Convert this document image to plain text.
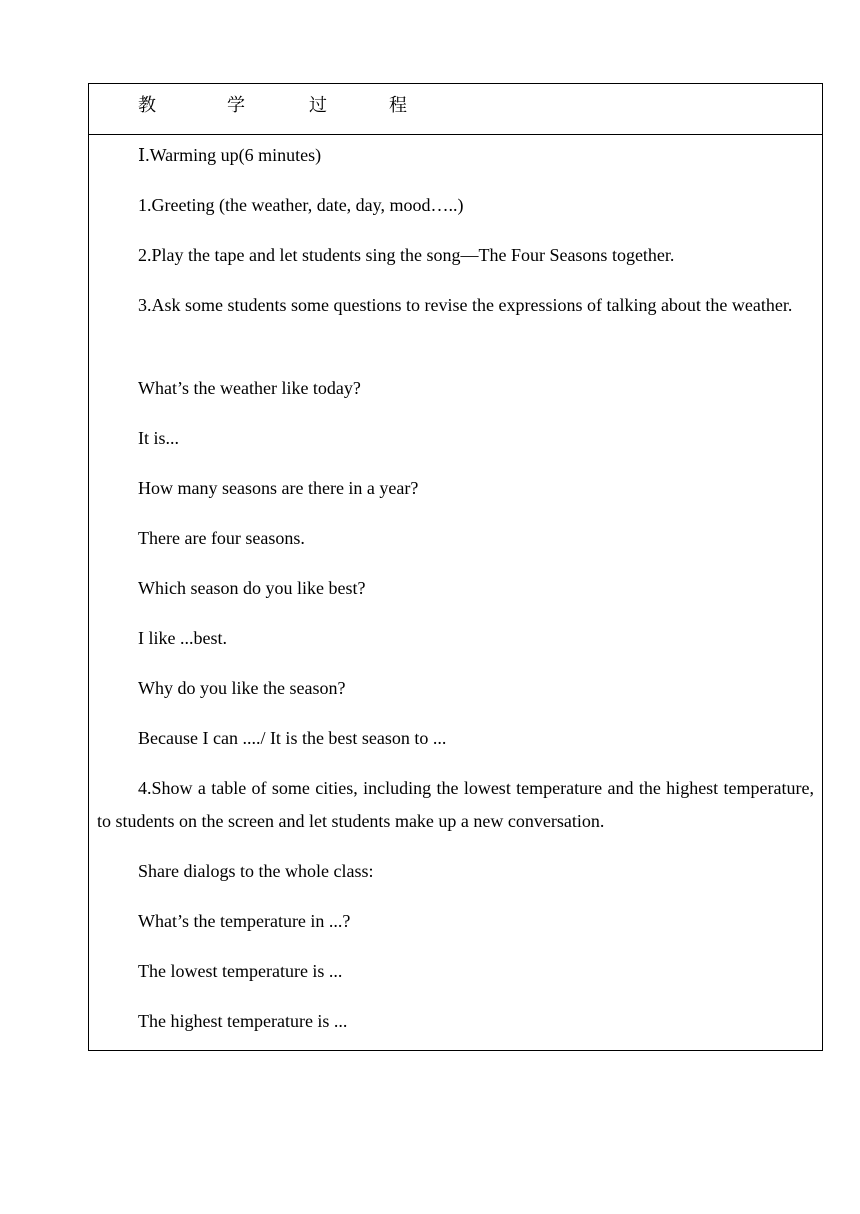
教	学	过	程

Ⅰ.Warming up(6 minutes)

1.Greeting (the weather, date, day, mood…..)

2.Play the tape and let students sing the song—The Four Seasons together.

3.Ask some students some questions to revise the expressions of talking about the weather.

What’s the weather like today?

It is...

How many seasons are there in a year?

There are four seasons.

Which season do you like best?

I like ...best.

Why do you like the season?

Because I can ..../ It is the best season to ...

4.Show a table of some cities, including the lowest temperature and the highest temperature, to students on the screen and let students make up a new conversation.

Share dialogs to the whole class:

What’s the temperature in ...?

The lowest temperature is ...

The highest temperature is ...
